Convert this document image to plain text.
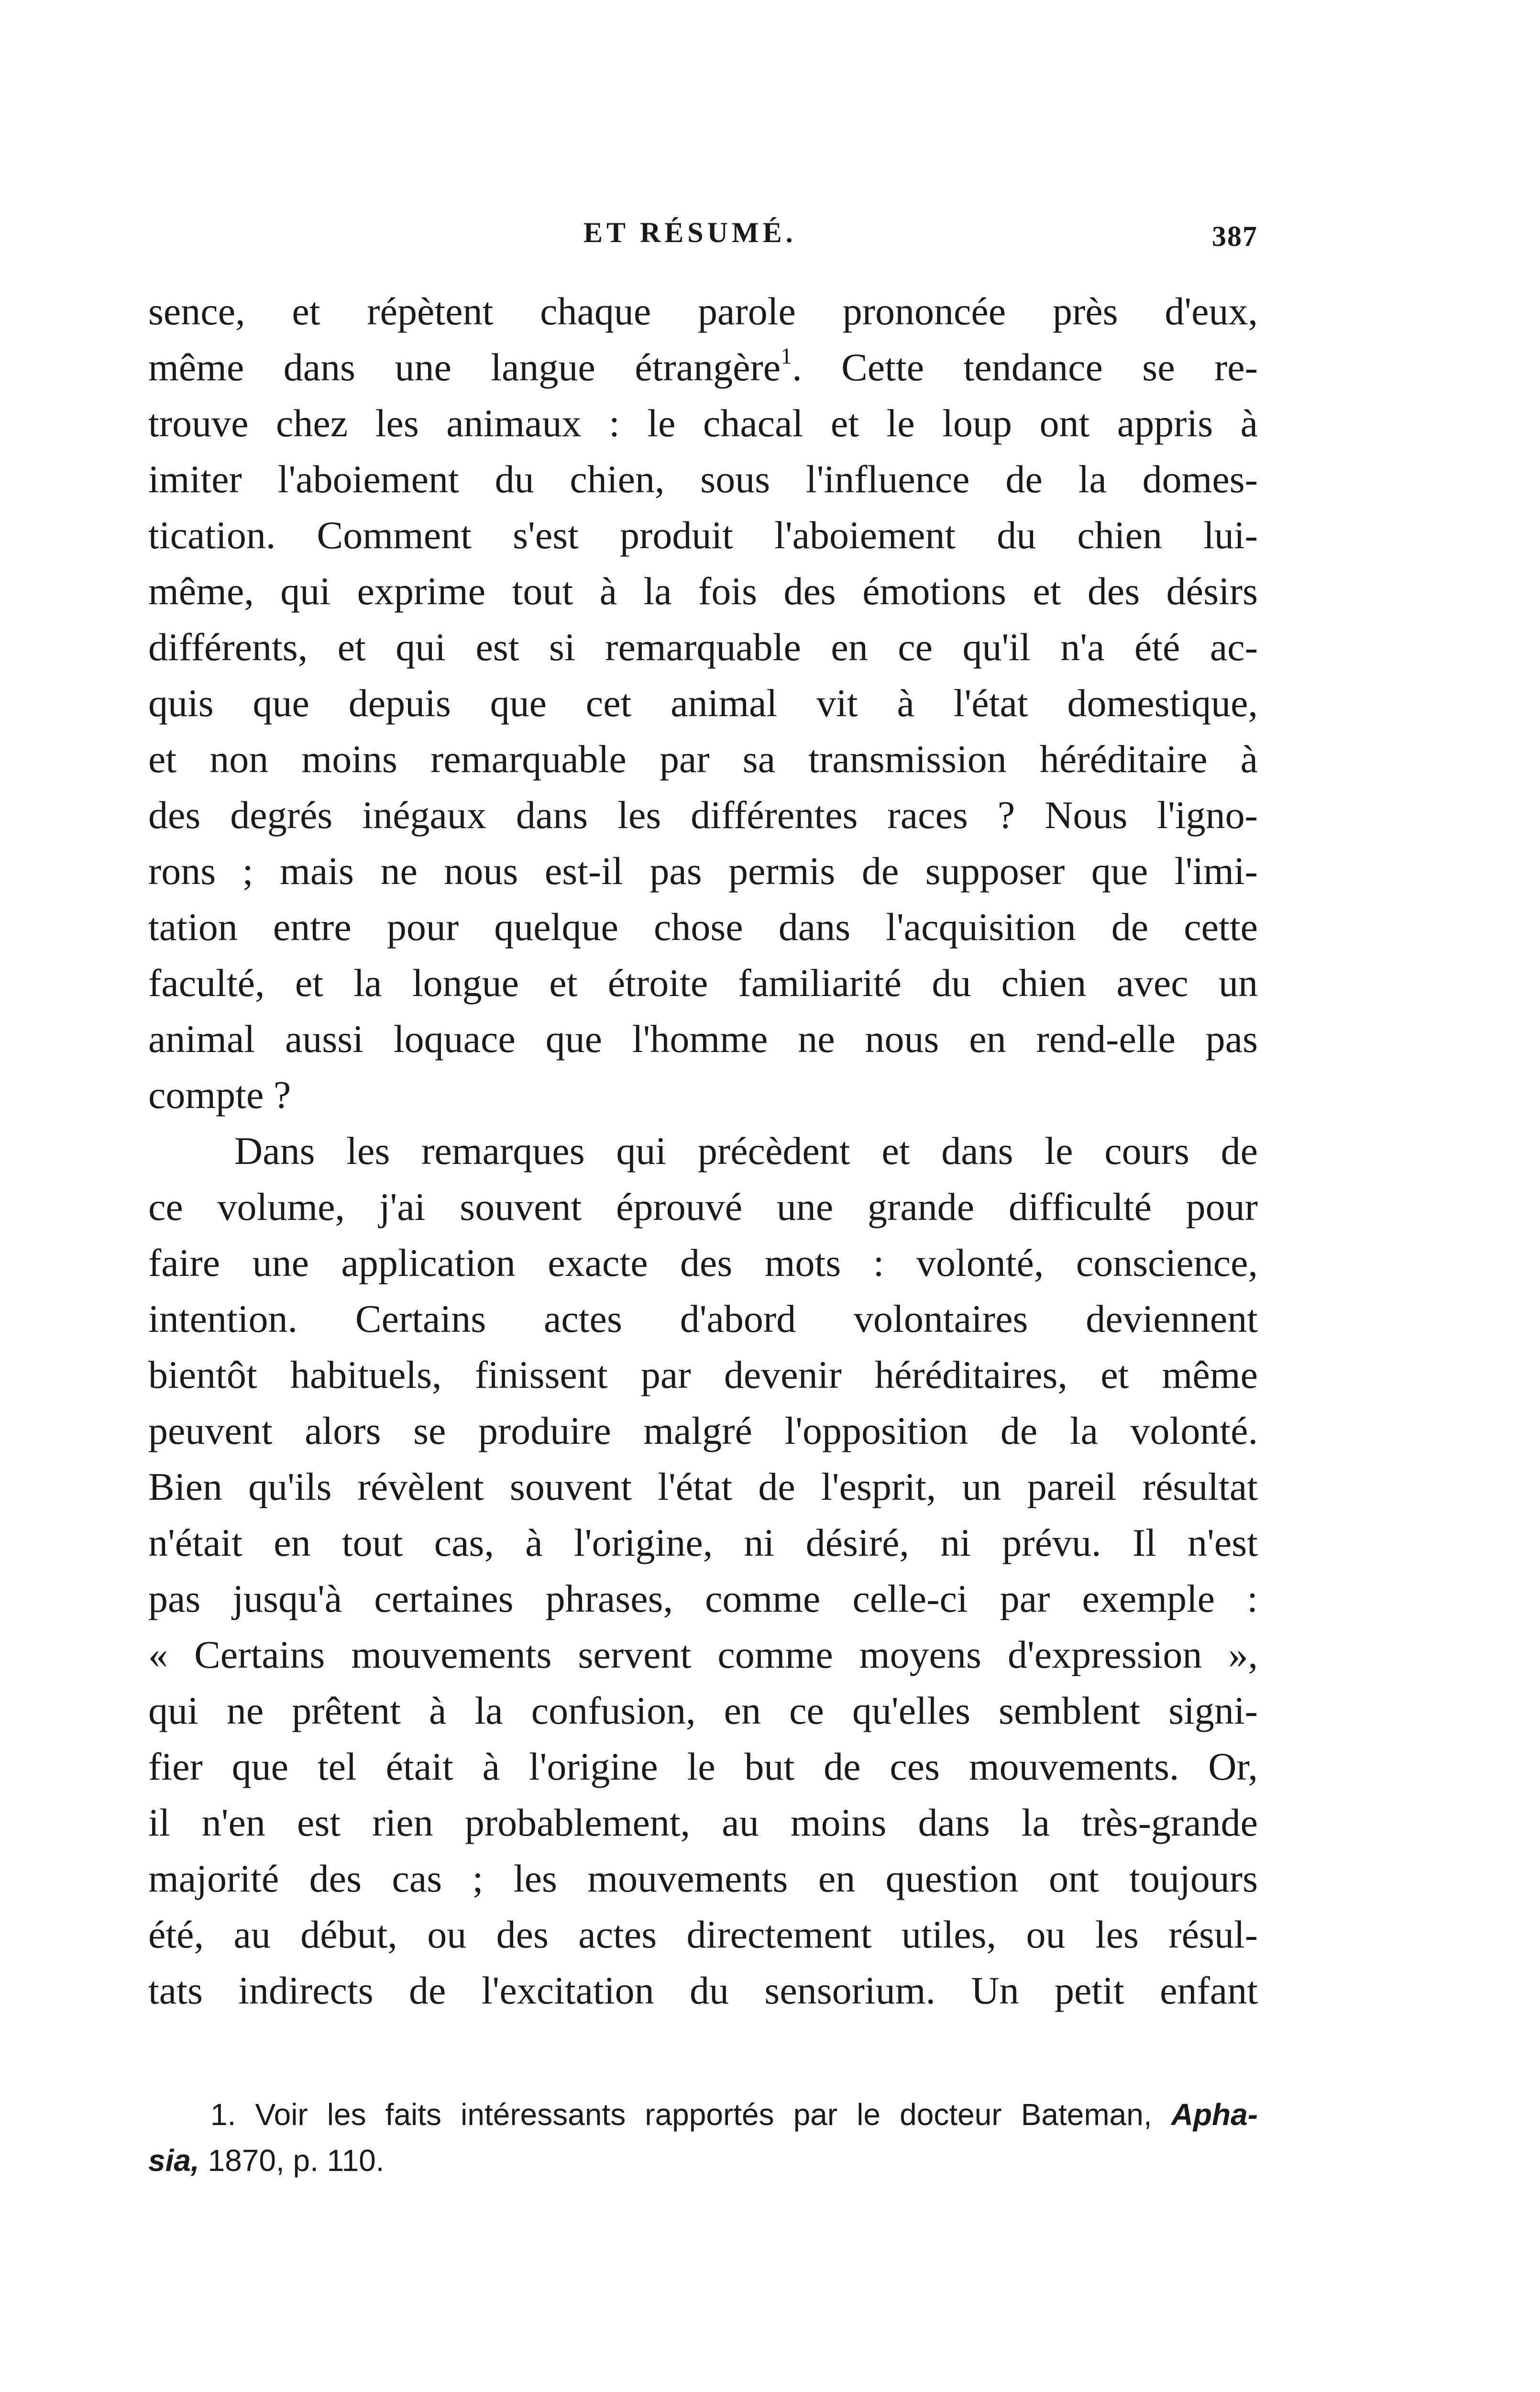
ET RÉSUMÉ.	387
sence, et répètent chaque parole prononcée près d'eux,
même dans une langue étrangère$^1$. Cette tendance se re-
trouve chez les animaux : le chacal et le loup ont appris à
imiter l'aboiement du chien, sous l'influence de la domes-
tication. Comment s'est produit l'aboiement du chien lui-
même, qui exprime tout à la fois des émotions et des désirs
différents, et qui est si remarquable en ce qu'il n'a été ac-
quis que depuis que cet animal vit à l'état domestique,
et non moins remarquable par sa transmission héréditaire à
des degrés inégaux dans les différentes races ? Nous l'igno-
rons ; mais ne nous est-il pas permis de supposer que l'imi-
tation entre pour quelque chose dans l'acquisition de cette
faculté, et la longue et étroite familiarité du chien avec un
animal aussi loquace que l'homme ne nous en rend-elle pas
compte ?
Dans les remarques qui précèdent et dans le cours de
ce volume, j'ai souvent éprouvé une grande difficulté pour
faire une application exacte des mots : volonté, conscience,
intention. Certains actes d'abord volontaires deviennent
bientôt habituels, finissent par devenir héréditaires, et même
peuvent alors se produire malgré l'opposition de la volonté.
Bien qu'ils révèlent souvent l'état de l'esprit, un pareil résultat
n'était en tout cas, à l'origine, ni désiré, ni prévu. Il n'est
pas jusqu'à certaines phrases, comme celle-ci par exemple :
« Certains mouvements servent comme moyens d'expression »,
qui ne prêtent à la confusion, en ce qu'elles semblent signi-
fier que tel était à l'origine le but de ces mouvements. Or,
il n'en est rien probablement, au moins dans la très-grande
majorité des cas ; les mouvements en question ont toujours
été, au début, ou des actes directement utiles, ou les résul-
tats indirects de l'excitation du sensorium. Un petit enfant
1. Voir les faits intéressants rapportés par le docteur Bateman, Apha-
sia, 1870, p. 110.
